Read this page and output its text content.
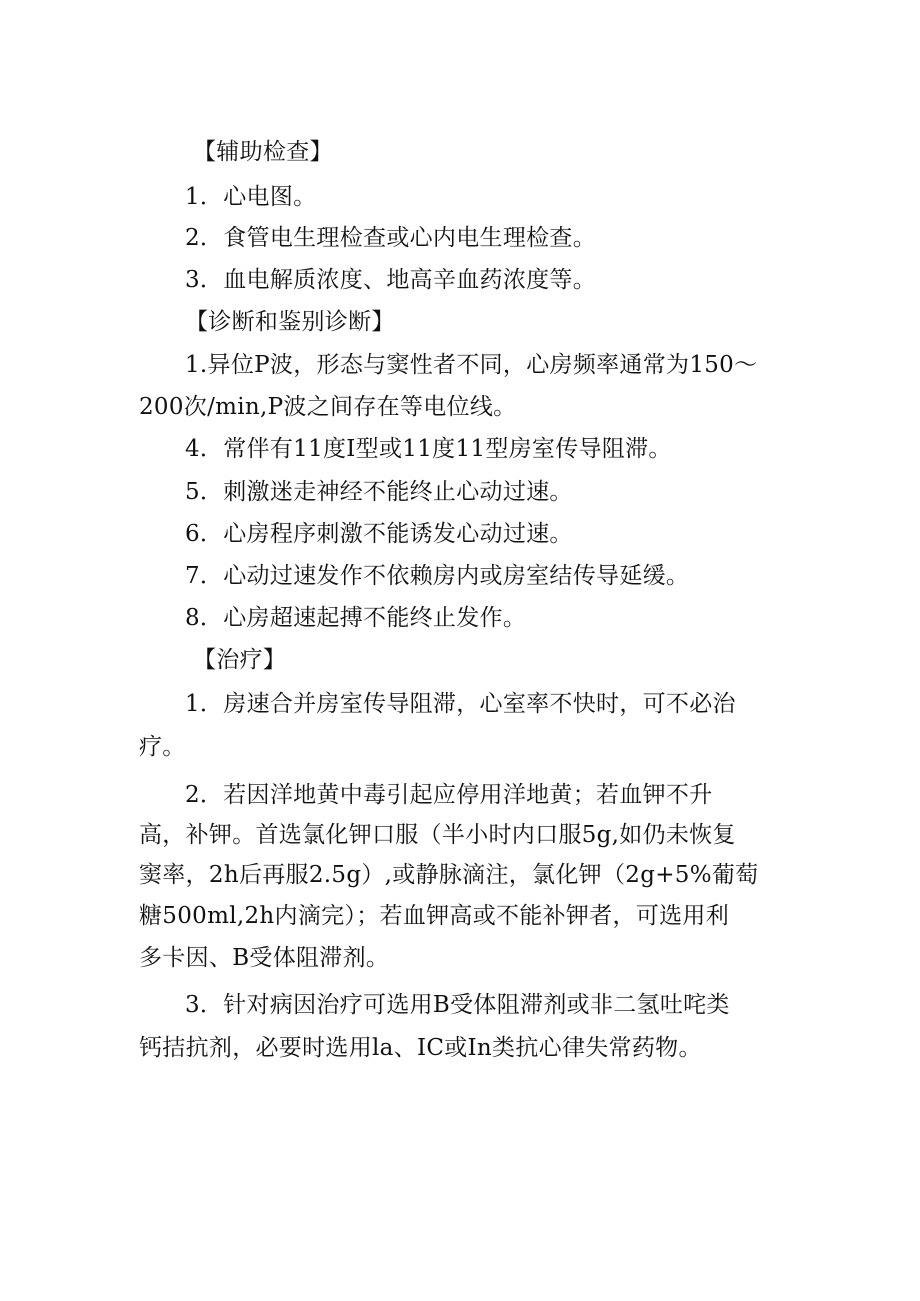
【辅助检查】
1．心电图。
2．食管电生理检查或心内电生理检查。
3．血电解质浓度、地高辛血药浓度等。
【诊断和鉴别诊断】
1.异位P波，形态与窦性者不同，心房频率通常为150～
200次/min,P波之间存在等电位线。
4．常伴有11度I型或11度11型房室传导阻滞。
5．刺激迷走神经不能终止心动过速。
6．心房程序刺激不能诱发心动过速。
7．心动过速发作不依赖房内或房室结传导延缓。
8．心房超速起搏不能终止发作。
【治疗】
1．房速合并房室传导阻滞，心室率不快时，可不必治
疗。
2．若因洋地黄中毒引起应停用洋地黄；若血钾不升
高，补钾。首选氯化钾口服（半小时内口服5g,如仍未恢复
窦率，2h后再服2.5g）,或静脉滴注，氯化钾（2g+5%葡萄
糖500ml,2h内滴完）；若血钾高或不能补钾者，可选用利
多卡因、B受体阻滞剂。
3．针对病因治疗可选用B受体阻滞剂或非二氢吐咤类
钙拮抗剂，必要时选用la、IC或In类抗心律失常药物。
